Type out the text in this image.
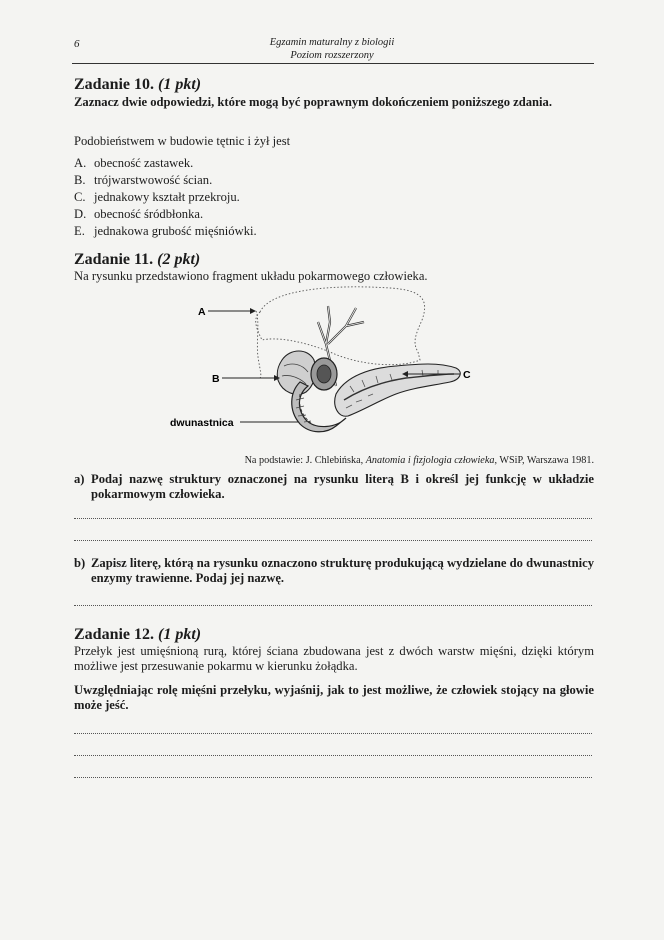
6	Egzamin maturalny z biologii
Poziom rozszerzony
Zadanie 10. (1 pkt)
Zaznacz dwie odpowiedzi, które mogą być poprawnym dokończeniem poniższego zdania.
Podobieństwem w budowie tętnic i żył jest
A. obecność zastawek.
B. trójwarstwowość ścian.
C. jednakowy kształt przekroju.
D. obecność śródbłonka.
E. jednakowa grubość mięśniówki.
Zadanie 11. (2 pkt)
Na rysunku przedstawiono fragment układu pokarmowego człowieka.
A
B	C
dwunastnica
Na podstawie: J. Chlebińska, Anatomia i fizjologia człowieka, WSiP, Warszawa 1981.
a) Podaj nazwę struktury oznaczonej na rysunku literą B i określ jej funkcję w układzie pokarmowym człowieka.
b) Zapisz literę, którą na rysunku oznaczono strukturę produkującą wydzielane do dwunastnicy enzymy trawienne. Podaj jej nazwę.
Zadanie 12. (1 pkt)
Przełyk jest umięśnioną rurą, której ściana zbudowana jest z dwóch warstw mięśni, dzięki którym możliwe jest przesuwanie pokarmu w kierunku żołądka.
Uwzględniając rolę mięśni przełyku, wyjaśnij, jak to jest możliwe, że człowiek stojący na głowie może jeść.
